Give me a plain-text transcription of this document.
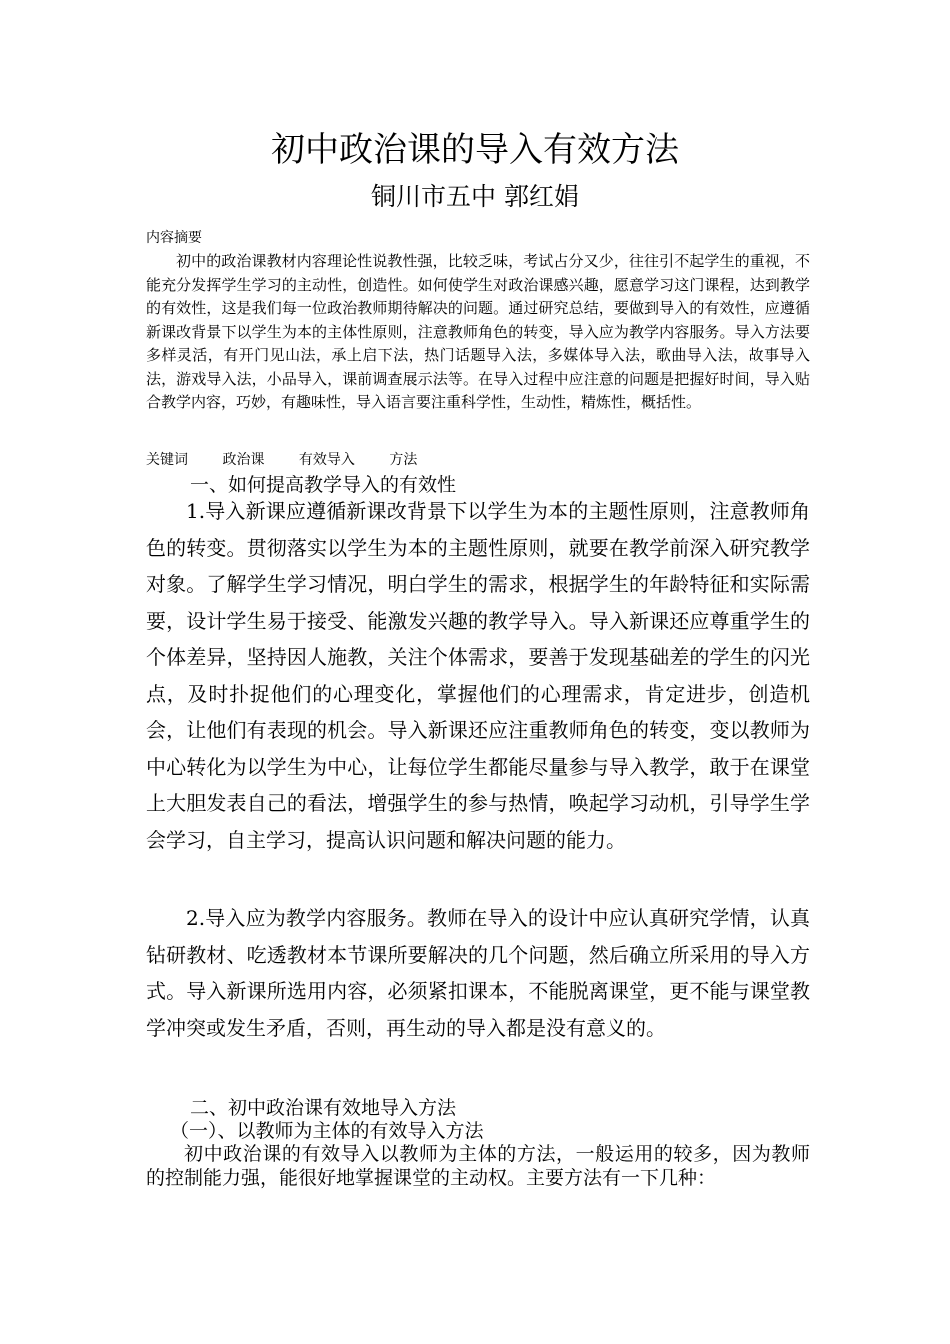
初中政治课的导入有效方法
铜川市五中 郭红娟
内容摘要

初中的政治课教材内容理论性说教性强，比较乏味，考试占分又少，往往引不起学生的重视，不能充分发挥学生学习的主动性，创造性。如何使学生对政治课感兴趣，愿意学习这门课程，达到教学的有效性，这是我们每一位政治教师期待解决的问题。通过研究总结，要做到导入的有效性，应遵循新课改背景下以学生为本的主体性原则，注意教师角色的转变，导入应为教学内容服务。导入方法要多样灵活，有开门见山法，承上启下法，热门话题导入法，多媒体导入法，歌曲导入法，故事导入法，游戏导入法，小品导入，课前调查展示法等。在导入过程中应注意的问题是把握好时间，导入贴合教学内容，巧妙，有趣味性，导入语言要注重科学性，生动性，精炼性，概括性。

关键词 政治课 有效导入 方法
一、如何提高教学导入的有效性

1.导入新课应遵循新课改背景下以学生为本的主题性原则，注意教师角色的转变。贯彻落实以学生为本的主题性原则，就要在教学前深入研究教学对象。了解学生学习情况，明白学生的需求，根据学生的年龄特征和实际需要，设计学生易于接受、能激发兴趣的教学导入。导入新课还应尊重学生的个体差异，坚持因人施教，关注个体需求，要善于发现基础差的学生的闪光点，及时扑捉他们的心理变化，掌握他们的心理需求，肯定进步，创造机会，让他们有表现的机会。导入新课还应注重教师角色的转变，变以教师为中心转化为以学生为中心，让每位学生都能尽量参与导入教学，敢于在课堂上大胆发表自己的看法，增强学生的参与热情，唤起学习动机，引导学生学会学习，自主学习，提高认识问题和解决问题的能力。

2.导入应为教学内容服务。教师在导入的设计中应认真研究学情，认真钻研教材、吃透教材本节课所要解决的几个问题，然后确立所采用的导入方式。导入新课所选用内容，必须紧扣课本，不能脱离课堂，更不能与课堂教学冲突或发生矛盾，否则，再生动的导入都是没有意义的。

二、初中政治课有效地导入方法
（一）、以教师为主体的有效导入方法

初中政治课的有效导入以教师为主体的方法，一般运用的较多，因为教师的控制能力强，能很好地掌握课堂的主动权。主要方法有一下几种：
